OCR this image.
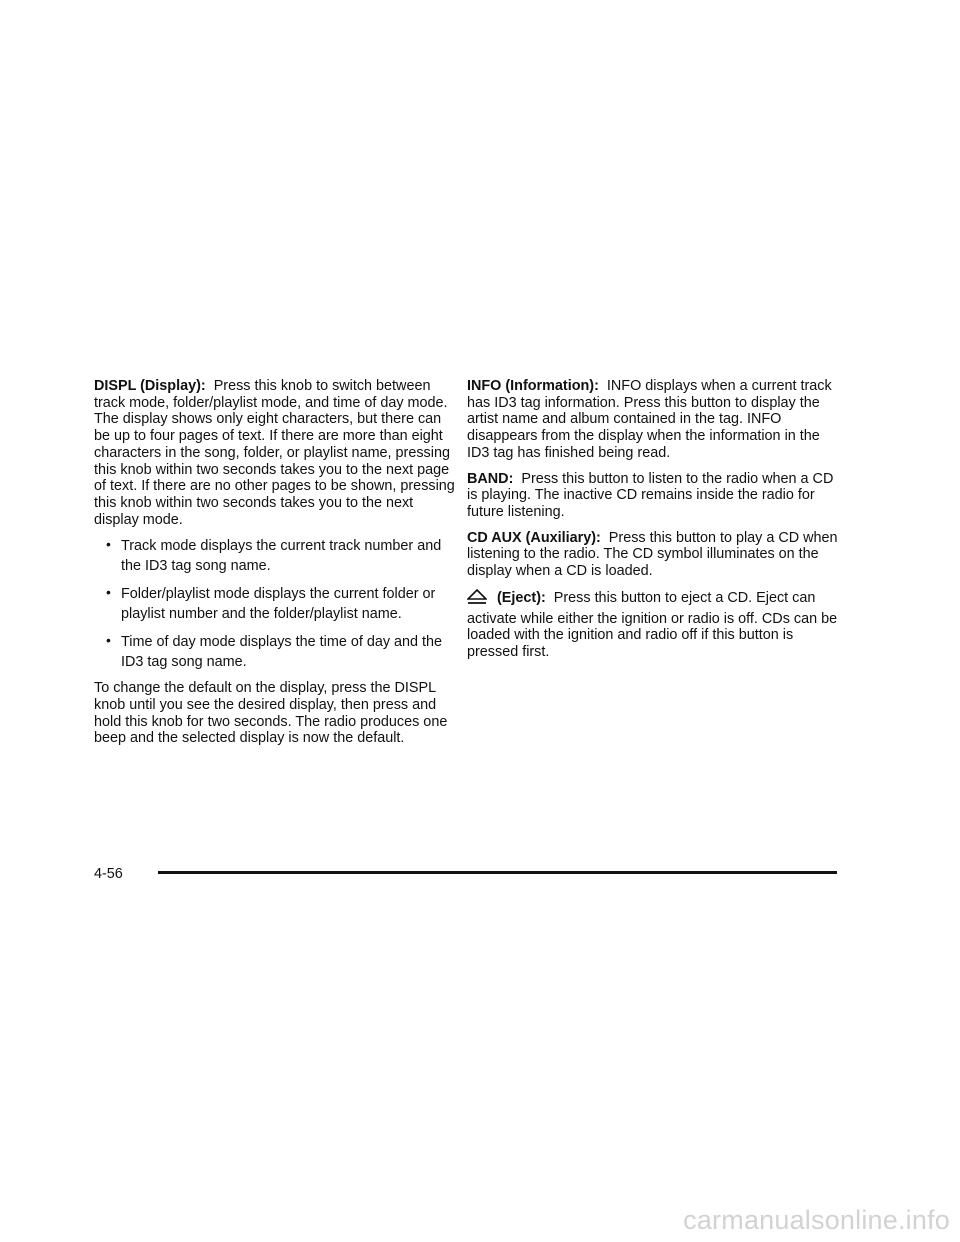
DISPL (Display): Press this knob to switch between track mode, folder/playlist mode, and time of day mode. The display shows only eight characters, but there can be up to four pages of text. If there are more than eight characters in the song, folder, or playlist name, pressing this knob within two seconds takes you to the next page of text. If there are no other pages to be shown, pressing this knob within two seconds takes you to the next display mode.

• Track mode displays the current track number and the ID3 tag song name.
• Folder/playlist mode displays the current folder or playlist number and the folder/playlist name.
• Time of day mode displays the time of day and the ID3 tag song name.

To change the default on the display, press the DISPL knob until you see the desired display, then press and hold this knob for two seconds. The radio produces one beep and the selected display is now the default.

INFO (Information): INFO displays when a current track has ID3 tag information. Press this button to display the artist name and album contained in the tag. INFO disappears from the display when the information in the ID3 tag has finished being read.

BAND: Press this button to listen to the radio when a CD is playing. The inactive CD remains inside the radio for future listening.

CD AUX (Auxiliary): Press this button to play a CD when listening to the radio. The CD symbol illuminates on the display when a CD is loaded.

(Eject): Press this button to eject a CD. Eject can
activate while either the ignition or radio is off. CDs can be loaded with the ignition and radio off if this button is pressed first.
4-56
carmanualsonline.info
